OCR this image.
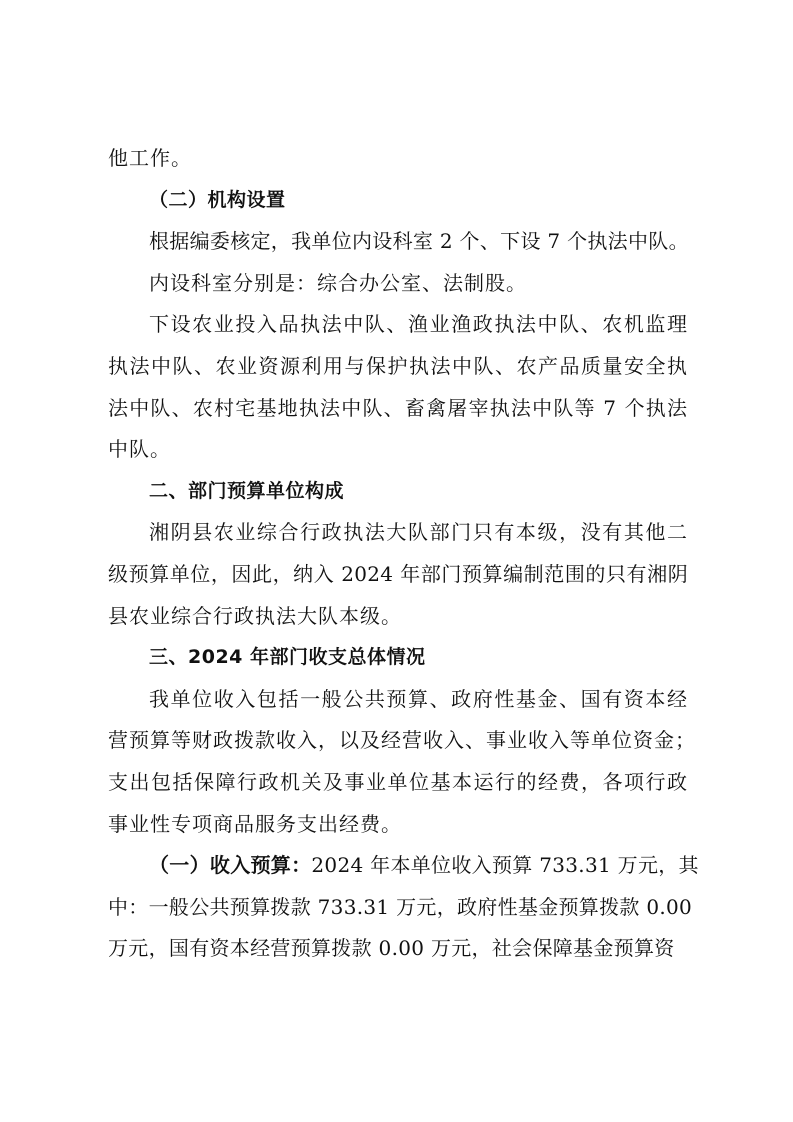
他工作。
（二）机构设置
根据编委核定，我单位内设科室 2 个、下设 7 个执法中队。
内设科室分别是：综合办公室、法制股。
下设农业投入品执法中队、渔业渔政执法中队、农机监理
执法中队、农业资源利用与保护执法中队、农产品质量安全执
法中队、农村宅基地执法中队、畜禽屠宰执法中队等 7 个执法
中队。
二、部门预算单位构成
湘阴县农业综合行政执法大队部门只有本级，没有其他二
级预算单位，因此，纳入 2024 年部门预算编制范围的只有湘阴
县农业综合行政执法大队本级。
三、2024 年部门收支总体情况
我单位收入包括一般公共预算、政府性基金、国有资本经
营预算等财政拨款收入，以及经营收入、事业收入等单位资金；
支出包括保障行政机关及事业单位基本运行的经费，各项行政
事业性专项商品服务支出经费。
（一）收入预算：2024 年本单位收入预算 733.31 万元，其
中：一般公共预算拨款 733.31 万元，政府性基金预算拨款 0.00
万元，国有资本经营预算拨款 0.00 万元，社会保障基金预算资
